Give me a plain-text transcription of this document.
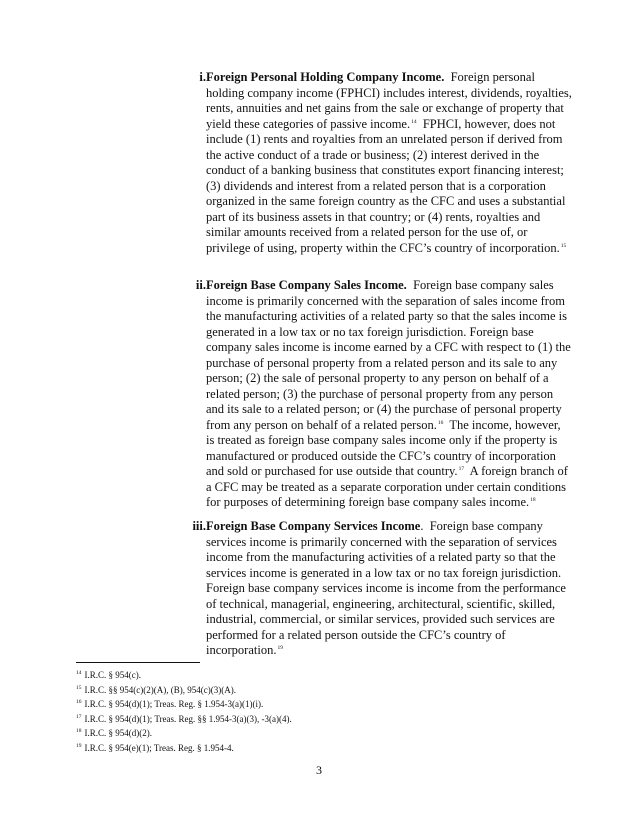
i. Foreign Personal Holding Company Income. Foreign personal holding company income (FPHCI) includes interest, dividends, royalties, rents, annuities and net gains from the sale or exchange of property that yield these categories of passive income.$^{14}$ FPHCI, however, does not include (1) rents and royalties from an unrelated person if derived from the active conduct of a trade or business; (2) interest derived in the conduct of a banking business that constitutes export financing interest; (3) dividends and interest from a related person that is a corporation organized in the same foreign country as the CFC and uses a substantial part of its business assets in that country; or (4) rents, royalties and similar amounts received from a related person for the use of, or privilege of using, property within the CFC’s country of incorporation.$^{15}$
ii. Foreign Base Company Sales Income. Foreign base company sales income is primarily concerned with the separation of sales income from the manufacturing activities of a related party so that the sales income is generated in a low tax or no tax foreign jurisdiction. Foreign base company sales income is income earned by a CFC with respect to (1) the purchase of personal property from a related person and its sale to any person; (2) the sale of personal property to any person on behalf of a related person; (3) the purchase of personal property from any person and its sale to a related person; or (4) the purchase of personal property from any person on behalf of a related person.$^{16}$ The income, however, is treated as foreign base company sales income only if the property is manufactured or produced outside the CFC’s country of incorporation and sold or purchased for use outside that country.$^{17}$ A foreign branch of a CFC may be treated as a separate corporation under certain conditions for purposes of determining foreign base company sales income.$^{18}$
iii. Foreign Base Company Services Income. Foreign base company services income is primarily concerned with the separation of services income from the manufacturing activities of a related party so that the services income is generated in a low tax or no tax foreign jurisdiction. Foreign base company services income is income from the performance of technical, managerial, engineering, architectural, scientific, skilled, industrial, commercial, or similar services, provided such services are performed for a related person outside the CFC’s country of incorporation.$^{19}$
$^{14}$ I.R.C. § 954(c).
$^{15}$ I.R.C. §§ 954(c)(2)(A), (B), 954(c)(3)(A).
$^{16}$ I.R.C. § 954(d)(1); Treas. Reg. § 1.954-3(a)(1)(i).
$^{17}$ I.R.C. § 954(d)(1); Treas. Reg. §§ 1.954-3(a)(3), -3(a)(4).
$^{18}$ I.R.C. § 954(d)(2).
$^{19}$ I.R.C. § 954(e)(1); Treas. Reg. § 1.954-4.
3
